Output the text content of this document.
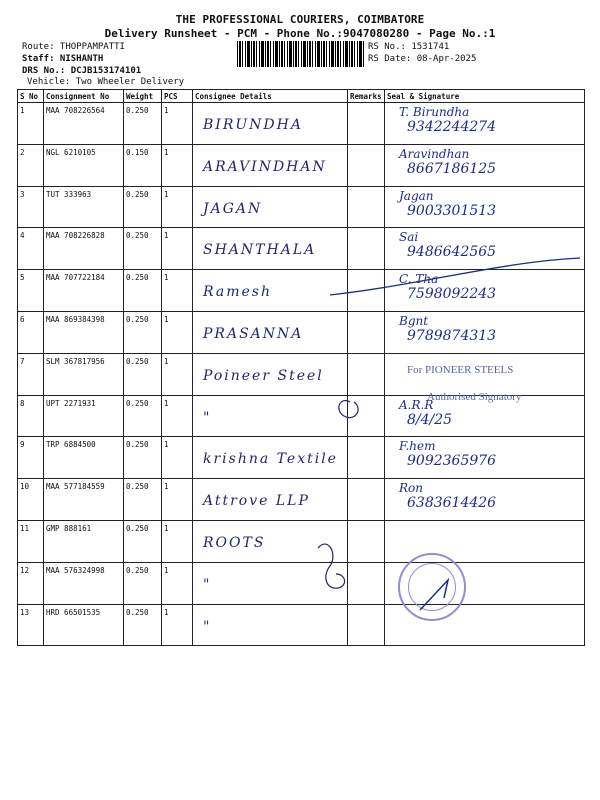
THE PROFESSIONAL COURIERS, COIMBATORE
Delivery Runsheet - PCM - Phone No.:9047080280 - Page No.:1
Route: THOPPAMPATTI
Staff: NISHANTH
DRS No.: DCJB153174101
Vehicle: Two Wheeler Delivery
RS No.: 1531741
RS Date: 08-Apr-2025
S No	Consignment No	Weight	PCS	Consignee Details	Remarks	Seal & Signature
1	MAA 708226564	0.250	1	BIRUNDHA		T. Birundha
9342244274

2	NGL 6210105	0.150	1	ARAVINDHAN		Aravindhan
8667186125

3	TUT 333963	0.250	1	JAGAN		Jagan
9003301513

4	MAA 708226828	0.250	1	SHANTHALA		Sai
9486642565

5	MAA 707722184	0.250	1	Ramesh		C. Tha
7598092243

6	MAA 869384398	0.250	1	PRASANNA		Bgnt
9789874313

7	SLM 367817956	0.250	1	Poineer Steel		

8	UPT 2271931	0.250	1	"		A.R.R
8/4/25

9	TRP 6884500	0.250	1	krishna Textile		F.hem
9092365976

10	MAA 577184559	0.250	1	Attrove LLP		Ron
6383614426

11	GMP 888161	0.250	1	ROOTS		

12	MAA 576324998	0.250	1	"		

13	HRD 66501535	0.250	1	"		

For PIONEER STEELS
Authorised Signatory
